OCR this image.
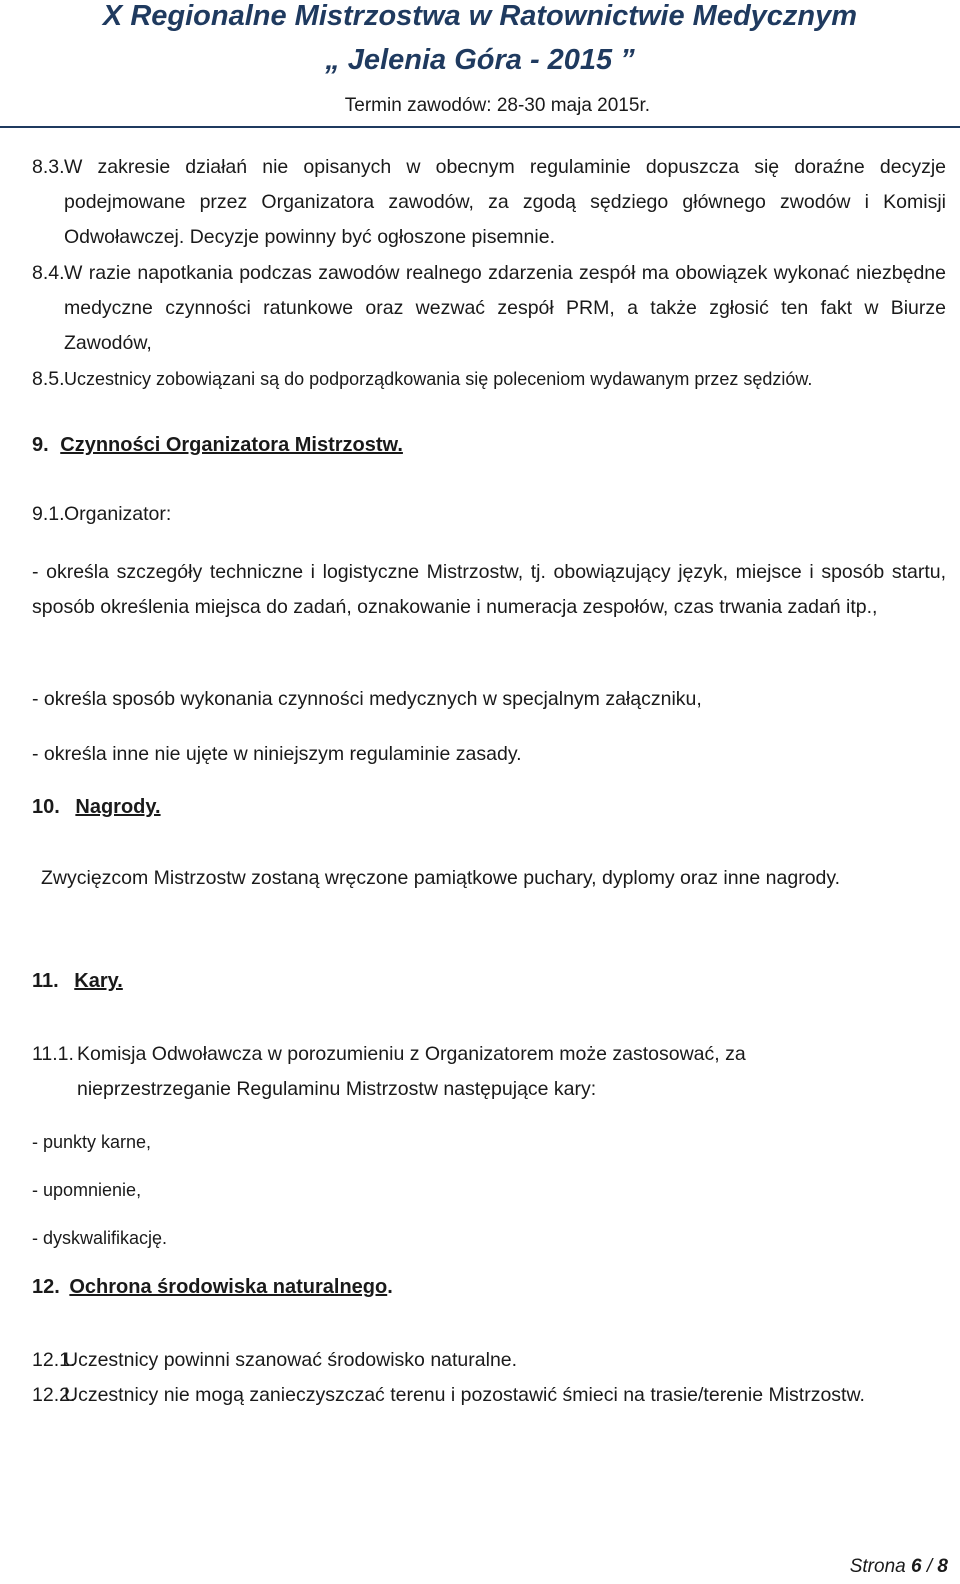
X Regionalne Mistrzostwa w Ratownictwie Medycznym
„ Jelenia Góra - 2015 ”
Termin zawodów: 28-30 maja 2015r.
8.3. W zakresie działań nie opisanych w obecnym regulaminie dopuszcza się doraźne decyzje podejmowane przez Organizatora zawodów, za zgodą sędziego głównego zwodów i Komisji Odwoławczej. Decyzje powinny być ogłoszone pisemnie.
8.4. W razie napotkania podczas zawodów realnego zdarzenia zespół ma obowiązek wykonać niezbędne medyczne czynności ratunkowe oraz wezwać zespół PRM, a także zgłosić ten fakt w Biurze Zawodów,
8.5. Uczestnicy zobowiązani są do podporządkowania się poleceniom wydawanym przez sędziów.
9. Czynności Organizatora Mistrzostw.
9.1. Organizator:
- określa szczegóły techniczne i logistyczne Mistrzostw, tj. obowiązujący język, miejsce i sposób startu, sposób określenia miejsca do zadań, oznakowanie i numeracja zespołów, czas trwania zadań itp.,
- określa sposób wykonania czynności medycznych w specjalnym załączniku,
- określa inne nie ujęte w niniejszym regulaminie zasady.
10. Nagrody.
Zwycięzcom Mistrzostw zostaną wręczone pamiątkowe puchary, dyplomy oraz inne nagrody.
11. Kary.
11.1. Komisja Odwoławcza w porozumieniu z Organizatorem może zastosować, za nieprzestrzeganie Regulaminu Mistrzostw następujące kary:
- punkty karne,
- upomnienie,
- dyskwalifikację.
12. Ochrona środowiska naturalnego.
12.1.
Uczestnicy powinni szanować środowisko naturalne.
12.2.
Uczestnicy nie mogą zanieczyszczać terenu i pozostawić śmieci na trasie/terenie Mistrzostw.
Strona 6 / 8
